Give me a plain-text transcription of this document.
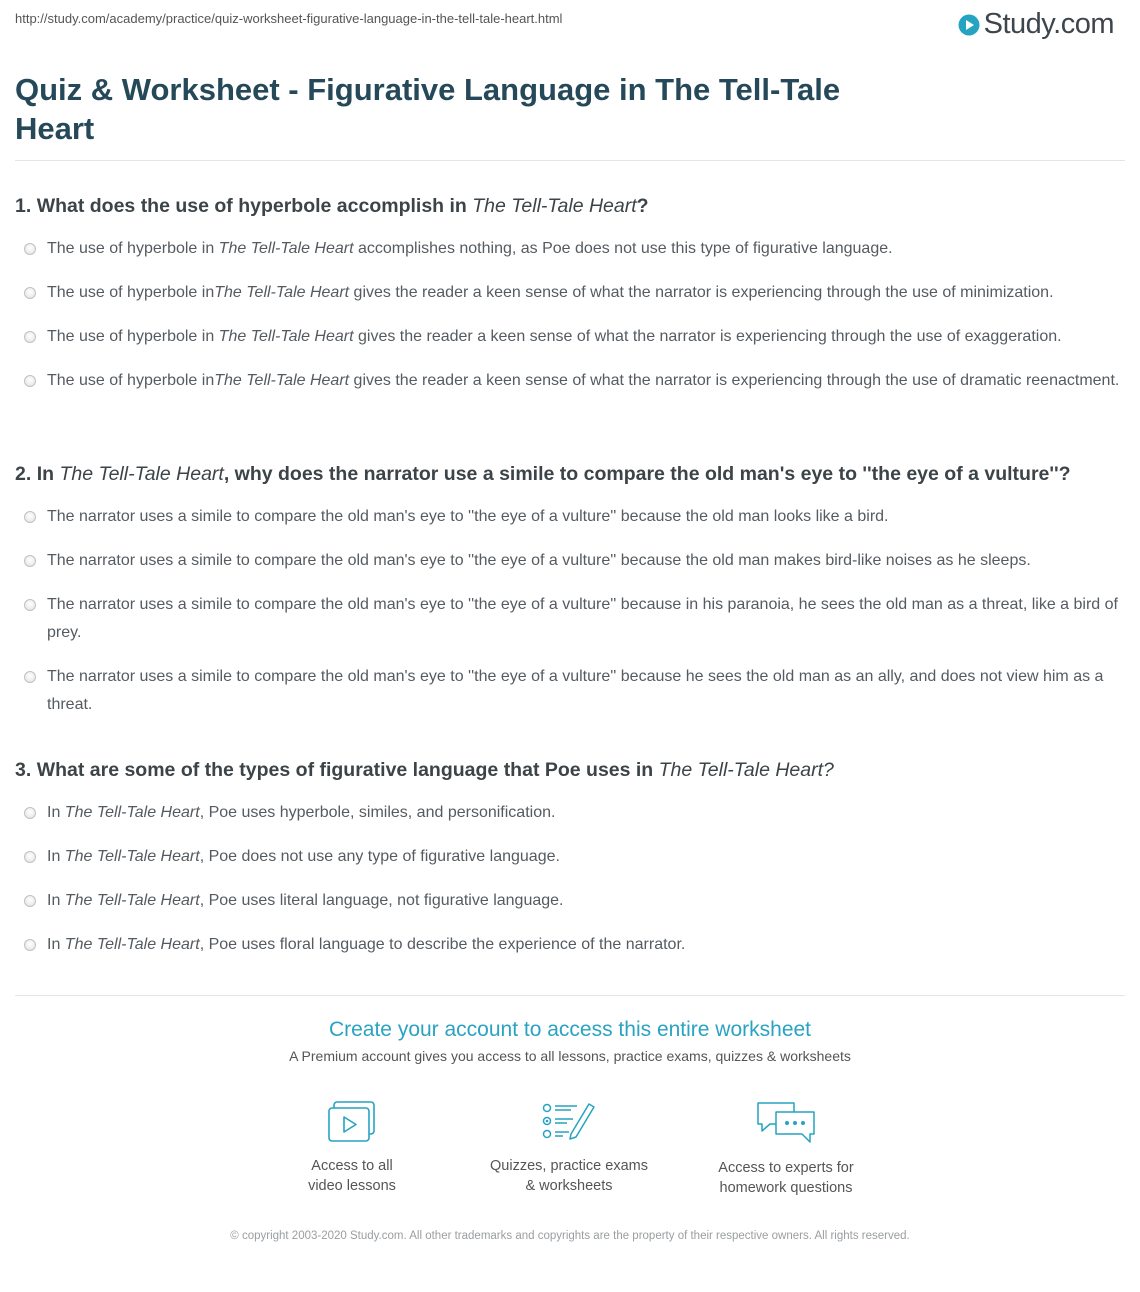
http://study.com/academy/practice/quiz-worksheet-figurative-language-in-the-tell-tale-heart.html	Study.com
Quiz & Worksheet - Figurative Language in The Tell-Tale Heart
1. What does the use of hyperbole accomplish in The Tell-Tale Heart?
The use of hyperbole in The Tell-Tale Heart accomplishes nothing, as Poe does not use this type of figurative language.
The use of hyperbole inThe Tell-Tale Heart gives the reader a keen sense of what the narrator is experiencing through the use of minimization.
The use of hyperbole in The Tell-Tale Heart gives the reader a keen sense of what the narrator is experiencing through the use of exaggeration.
The use of hyperbole inThe Tell-Tale Heart gives the reader a keen sense of what the narrator is experiencing through the use of dramatic reenactment.
2. In The Tell-Tale Heart, why does the narrator use a simile to compare the old man's eye to ''the eye of a vulture''?
The narrator uses a simile to compare the old man's eye to ''the eye of a vulture'' because the old man looks like a bird.
The narrator uses a simile to compare the old man's eye to ''the eye of a vulture'' because the old man makes bird-like noises as he sleeps.
The narrator uses a simile to compare the old man's eye to ''the eye of a vulture'' because in his paranoia, he sees the old man as a threat, like a bird of prey.
The narrator uses a simile to compare the old man's eye to ''the eye of a vulture'' because he sees the old man as an ally, and does not view him as a threat.
3. What are some of the types of figurative language that Poe uses in The Tell-Tale Heart?
In The Tell-Tale Heart, Poe uses hyperbole, similes, and personification.
In The Tell-Tale Heart, Poe does not use any type of figurative language.
In The Tell-Tale Heart, Poe uses literal language, not figurative language.
In The Tell-Tale Heart, Poe uses floral language to describe the experience of the narrator.
Create your account to access this entire worksheet
A Premium account gives you access to all lessons, practice exams, quizzes & worksheets
Access to all
video lessons
Quizzes, practice exams
& worksheets
Access to experts for
homework questions
© copyright 2003-2020 Study.com. All other trademarks and copyrights are the property of their respective owners. All rights reserved.
